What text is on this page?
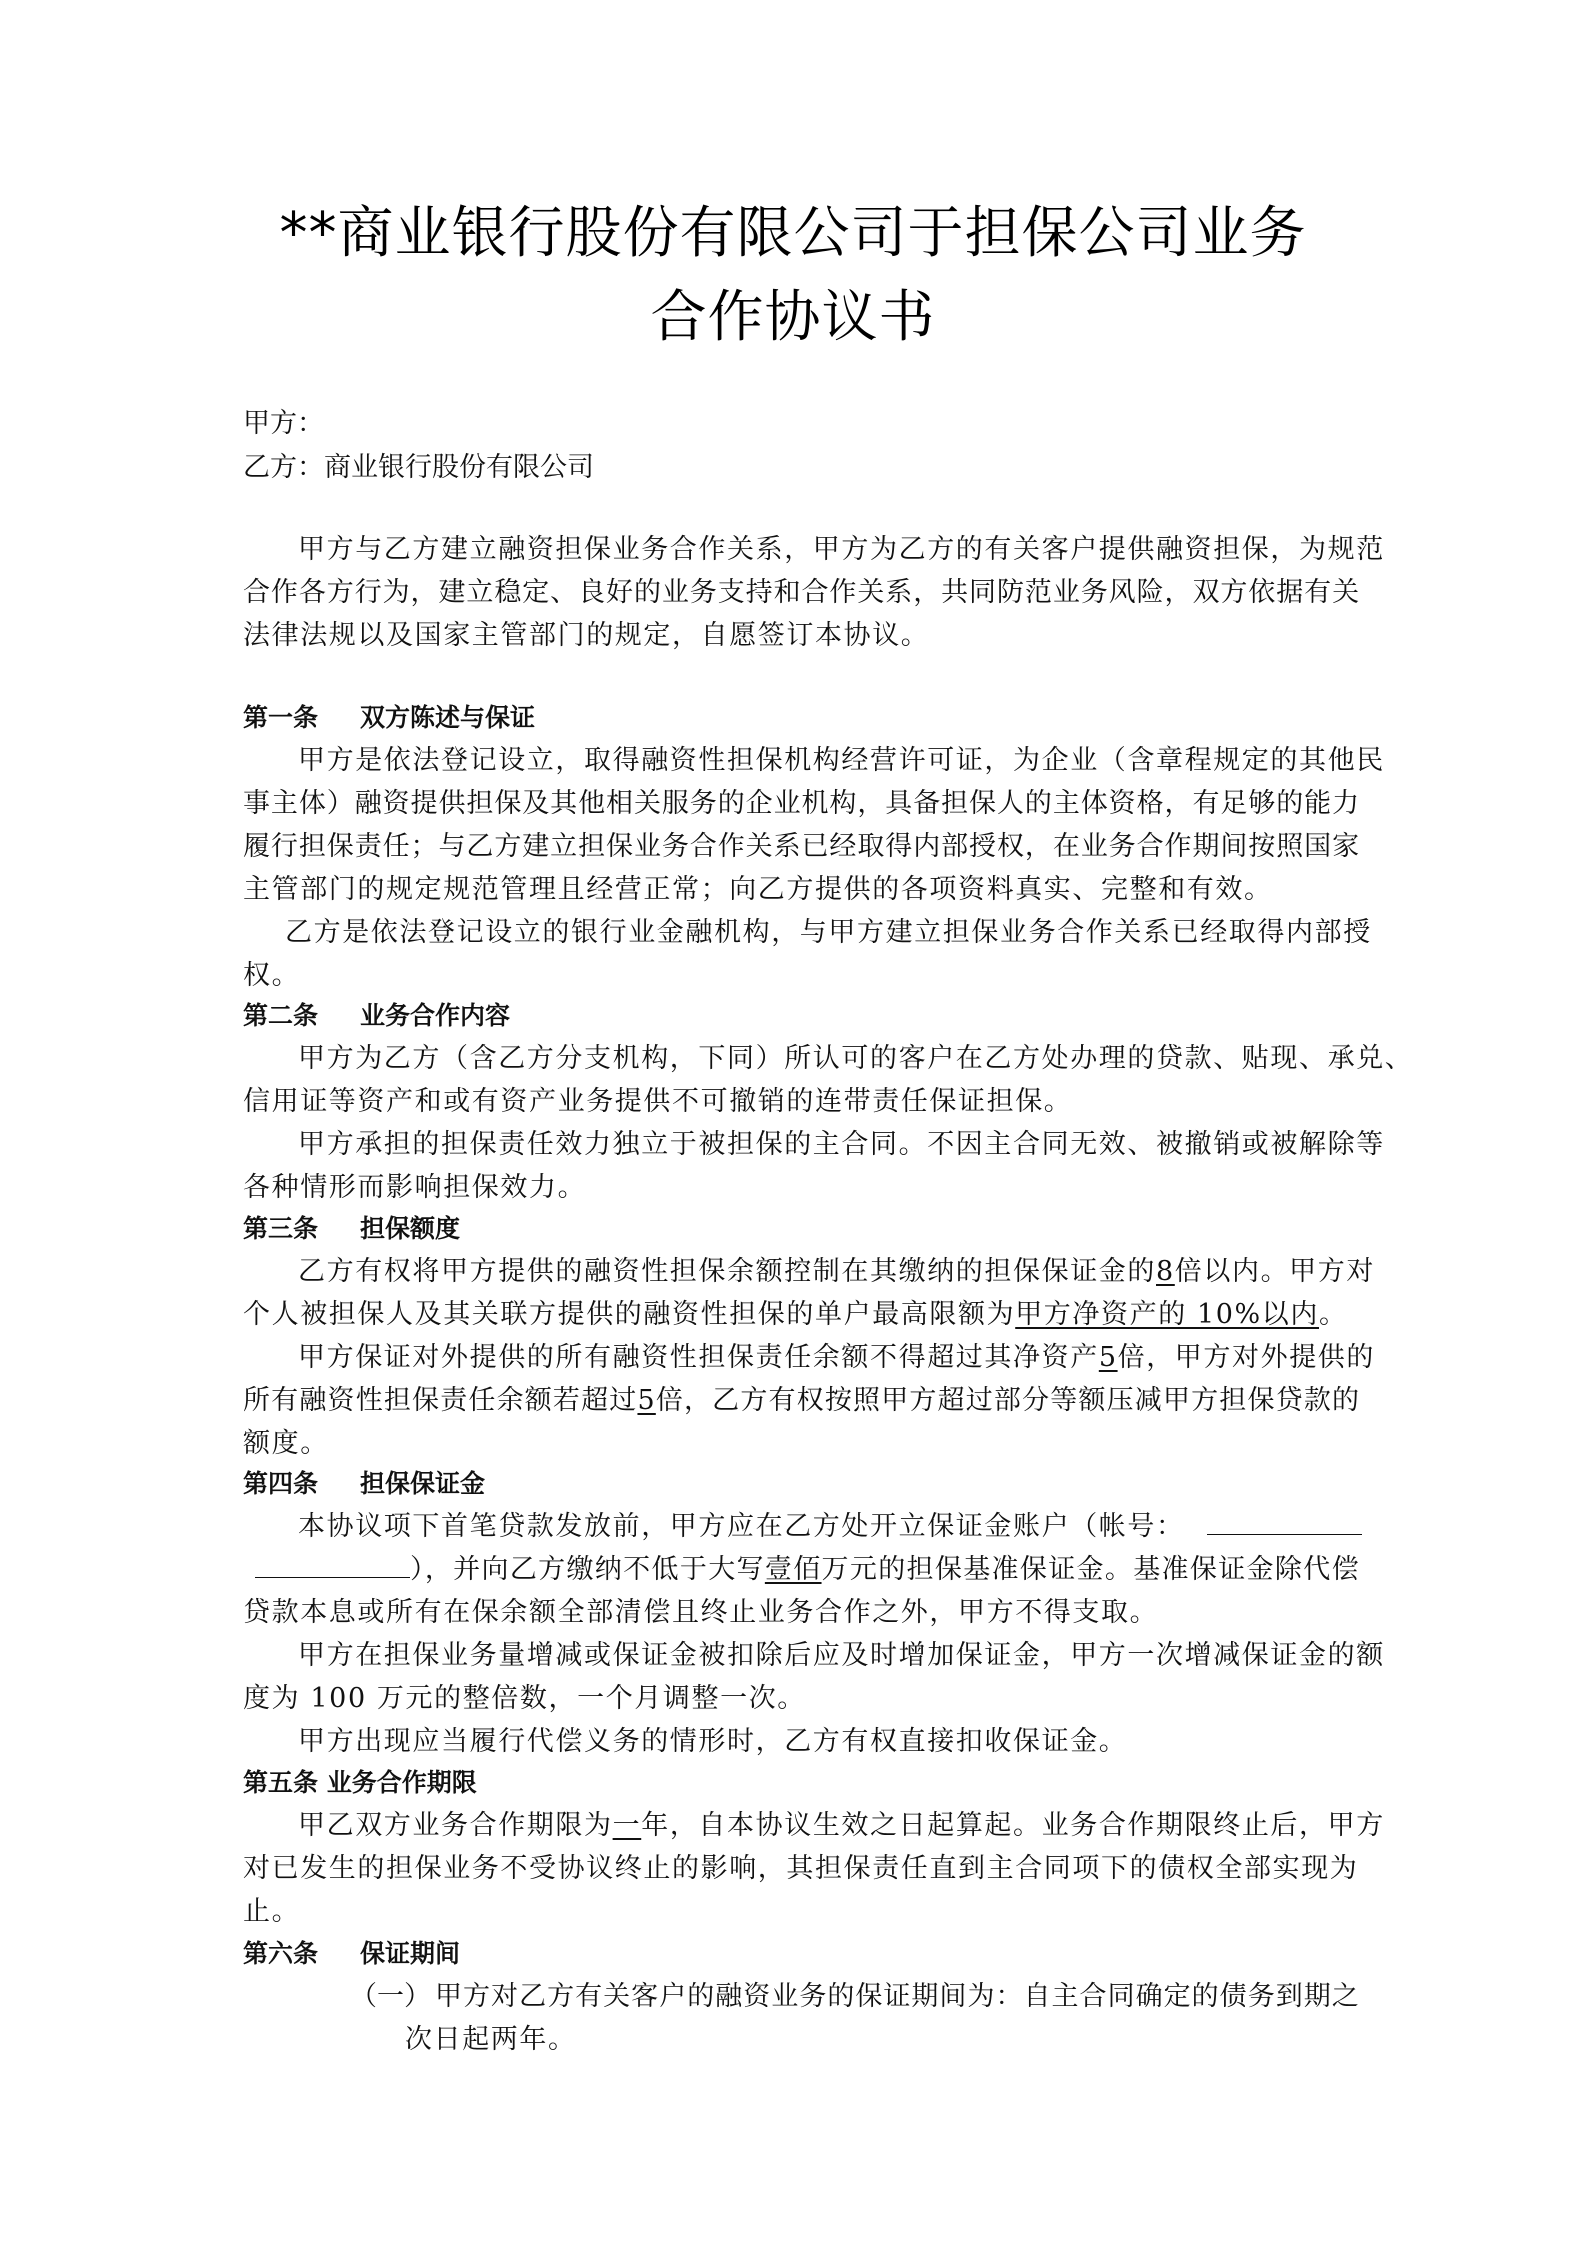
**商业银行股份有限公司于担保公司业务
合作协议书
甲方：
乙方：商业银行股份有限公司
甲方与乙方建立融资担保业务合作关系，甲方为乙方的有关客户提供融资担保，为规范
合作各方行为，建立稳定、良好的业务支持和合作关系，共同防范业务风险，双方依据有关
法律法规以及国家主管部门的规定，自愿签订本协议。
第一条 双方陈述与保证
甲方是依法登记设立，取得融资性担保机构经营许可证，为企业（含章程规定的其他民
事主体）融资提供担保及其他相关服务的企业机构，具备担保人的主体资格，有足够的能力
履行担保责任；与乙方建立担保业务合作关系已经取得内部授权，在业务合作期间按照国家
主管部门的规定规范管理且经营正常；向乙方提供的各项资料真实、完整和有效。
乙方是依法登记设立的银行业金融机构，与甲方建立担保业务合作关系已经取得内部授
权。
第二条 业务合作内容
甲方为乙方（含乙方分支机构，下同）所认可的客户在乙方处办理的贷款、贴现、承兑、
信用证等资产和或有资产业务提供不可撤销的连带责任保证担保。
甲方承担的担保责任效力独立于被担保的主合同。不因主合同无效、被撤销或被解除等
各种情形而影响担保效力。
第三条 担保额度
乙方有权将甲方提供的融资性担保余额控制在其缴纳的担保保证金的8倍以内。甲方对
个人被担保人及其关联方提供的融资性担保的单户最高限额为甲方净资产的 10%以内。
甲方保证对外提供的所有融资性担保责任余额不得超过其净资产5倍，甲方对外提供的
所有融资性担保责任余额若超过5倍，乙方有权按照甲方超过部分等额压减甲方担保贷款的
额度。
第四条 担保保证金
本协议项下首笔贷款发放前，甲方应在乙方处开立保证金账户（帐号：
），并向乙方缴纳不低于大写壹佰万元的担保基准保证金。基准保证金除代偿
贷款本息或所有在保余额全部清偿且终止业务合作之外，甲方不得支取。
甲方在担保业务量增减或保证金被扣除后应及时增加保证金，甲方一次增减保证金的额
度为 100 万元的整倍数，一个月调整一次。
甲方出现应当履行代偿义务的情形时，乙方有权直接扣收保证金。
第五条 业务合作期限
甲乙双方业务合作期限为一年，自本协议生效之日起算起。业务合作期限终止后，甲方
对已发生的担保业务不受协议终止的影响，其担保责任直到主合同项下的债权全部实现为
止。
第六条 保证期间
（一） 甲方对乙方有关客户的融资业务的保证期间为：自主合同确定的债务到期之
次日起两年。
